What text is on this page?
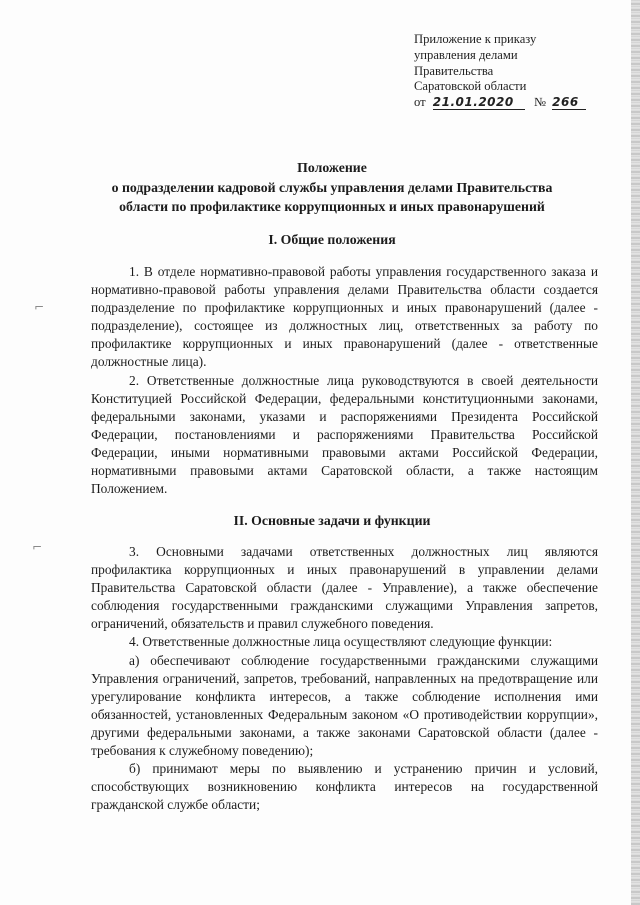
Приложение к приказу
управления делами
Правительства
Саратовской области
от 21.01.2020 № 266
Положение
о подразделении кадровой службы управления делами Правительства
области по профилактике коррупционных и иных правонарушений
I. Общие положения

1. В отделе нормативно-правовой работы управления государственного заказа и нормативно-правовой работы управления делами Правительства области создается подразделение по профилактике коррупционных и иных правонарушений (далее - подразделение), состоящее из должностных лиц, ответственных за работу по профилактике коррупционных и иных правонарушений (далее - ответственные должностные лица).

2. Ответственные должностные лица руководствуются в своей деятельности Конституцией Российской Федерации, федеральными конституционными законами, федеральными законами, указами и распоряжениями Президента Российской Федерации, постановлениями и распоряжениями Правительства Российской Федерации, иными нормативными правовыми актами Российской Федерации, нормативными правовыми актами Саратовской области, а также настоящим Положением.

II. Основные задачи и функции

3. Основными задачами ответственных должностных лиц являются профилактика коррупционных и иных правонарушений в управлении делами Правительства Саратовской области (далее - Управление), а также обеспечение соблюдения государственными гражданскими служащими Управления запретов, ограничений, обязательств и правил служебного поведения.

4. Ответственные должностные лица осуществляют следующие функции:

а) обеспечивают соблюдение государственными гражданскими служащими Управления ограничений, запретов, требований, направленных на предотвращение или урегулирование конфликта интересов, а также соблюдение исполнения ими обязанностей, установленных Федеральным законом «О противодействии коррупции», другими федеральными законами, а также законами Саратовской области (далее - требования к служебному поведению);

б) принимают меры по выявлению и устранению причин и условий, способствующих возникновению конфликта интересов на государственной гражданской службе области;

⌐
⌐
